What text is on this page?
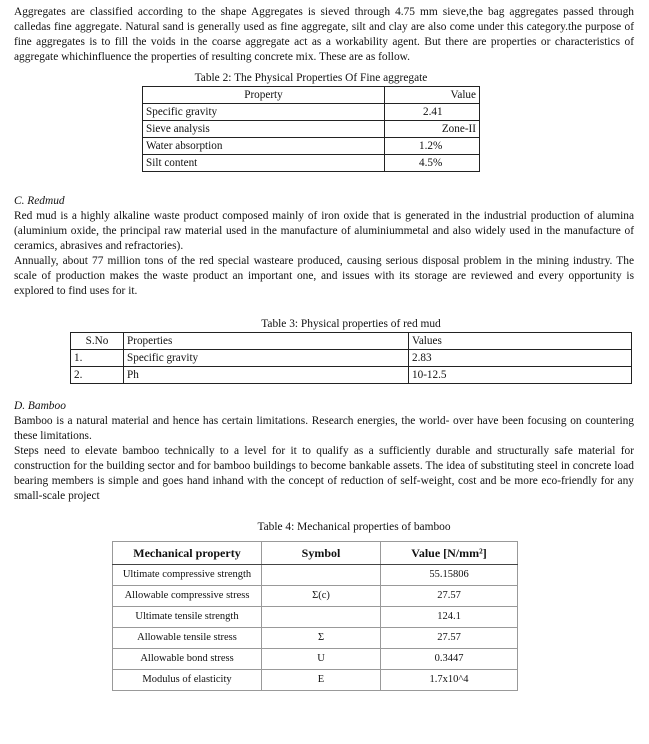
Aggregates are classified according to the shape Aggregates is sieved through 4.75 mm sieve,the bag aggregates passed through calledas fine aggregate. Natural sand is generally used as fine aggregate, silt and clay are also come under this category.the purpose of fine aggregates is to fill the voids in the coarse aggregate act as a workability agent. But there are properties or characteristics of aggregate whichinfluence the properties of resulting concrete mix. These are as follow.

Table 2: The Physical Properties Of Fine aggregate

Property	Value
Specific gravity	2.41
Sieve analysis	Zone-II
Water absorption	1.2%
Silt content	4.5%

C. Redmud

Red mud is a highly alkaline waste product composed mainly of iron oxide that is generated in the industrial production of alumina (aluminium oxide, the principal raw material used in the manufacture of aluminiummetal and also widely used in the manufacture of ceramics, abrasives and refractories).

Annually, about 77 million tons of the red special wasteare produced, causing serious disposal problem in the mining industry. The scale of production makes the waste product an important one, and issues with its storage are reviewed and every opportunity is explored to find uses for it.

Table 3: Physical properties of red mud

S.No	Properties	Values
1.	Specific gravity	2.83
2.	Ph	10-12.5

D. Bamboo

Bamboo is a natural material and hence has certain limitations. Research energies, the world- over have been focusing on countering these limitations.

Steps need to elevate bamboo technically to a level for it to qualify as a sufficiently durable and structurally safe material for construction for the building sector and for bamboo buildings to become bankable assets. The idea of substituting steel in concrete load bearing members is simple and goes hand inhand with the concept of reduction of self-weight, cost and be more eco-friendly for any small-scale project

Table 4: Mechanical properties of bamboo

Mechanical property	Symbol	Value [N/mm²]
Ultimate compressive strength		55.15806
Allowable compressive stress	Σ(c)	27.57
Ultimate tensile strength		124.1
Allowable tensile stress	Σ	27.57
Allowable bond stress	U	0.3447
Modulus of elasticity	E	1.7x10^4
